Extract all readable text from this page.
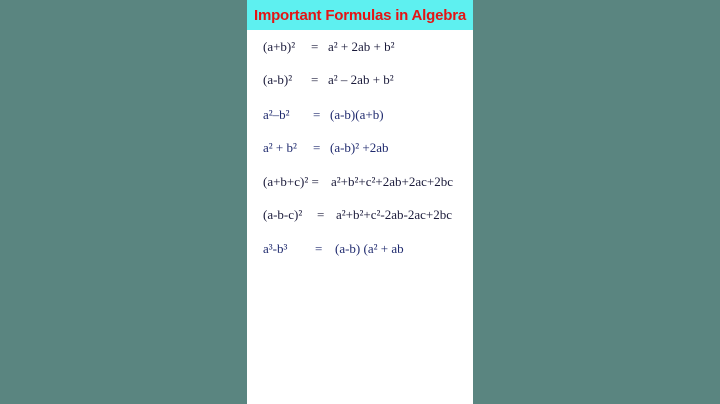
Important Formulas in Algebra
(a+b)² = a² + 2ab + b²
(a-b)² = a² – 2ab + b²
a²–b² = (a-b)(a+b)
a² + b² = (a-b)² +2ab
(a+b+c)² = a²+b²+c²+2ab+2ac+2bc
(a-b-c)² = a²+b²+c²-2ab-2ac+2bc
a³-b³ = (a-b) (a² + ab
